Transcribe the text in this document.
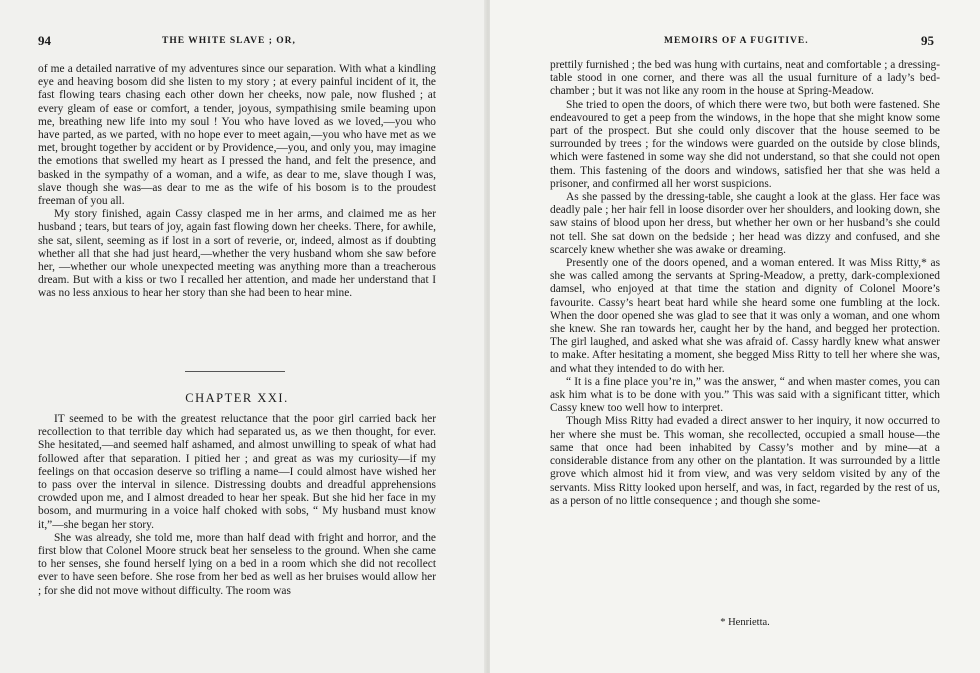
94	THE WHITE SLAVE ; OR,

of me a detailed narrative of my adventures since our separation. With what a kindling eye and heaving bosom did she listen to my story ; at every painful incident of it, the fast flowing tears chasing each other down her cheeks, now pale, now flushed ; at every gleam of ease or comfort, a tender, joyous, sympathising smile beaming upon me, breathing new life into my soul ! You who have loved as we loved,—you who have parted, as we parted, with no hope ever to meet again,—you who have met as we met, brought together by accident or by Providence,—you, and only you, may imagine the emotions that swelled my heart as I pressed the hand, and felt the presence, and basked in the sympathy of a woman, and a wife, as dear to me, slave though I was, slave though she was—as dear to me as the wife of his bosom is to the proudest freeman of you all.

My story finished, again Cassy clasped me in her arms, and claimed me as her husband ; tears, but tears of joy, again fast flowing down her cheeks. There, for awhile, she sat, silent, seeming as if lost in a sort of reverie, or, indeed, almost as if doubting whether all that she had just heard,—whether the very husband whom she saw before her, —whether our whole unexpected meeting was anything more than a treacherous dream. But with a kiss or two I recalled her attention, and made her understand that I was no less anxious to hear her story than she had been to hear mine.

CHAPTER XXI.

IT seemed to be with the greatest reluctance that the poor girl carried back her recollection to that terrible day which had separated us, as we then thought, for ever. She hesitated,—and seemed half ashamed, and almost unwilling to speak of what had followed after that separation. I pitied her ; and great as was my curiosity—if my feelings on that occasion deserve so trifling a name—I could almost have wished her to pass over the interval in silence. Distressing doubts and dreadful apprehensions crowded upon me, and I almost dreaded to hear her speak. But she hid her face in my bosom, and murmuring in a voice half choked with sobs, “ My husband must know it,”—she began her story.

She was already, she told me, more than half dead with fright and horror, and the first blow that Colonel Moore struck beat her senseless to the ground. When she came to her senses, she found herself lying on a bed in a room which she did not recollect ever to have seen before. She rose from her bed as well as her bruises would allow her ; for she did not move without difficulty. The room was

MEMOIRS OF A FUGITIVE.	95

prettily furnished ; the bed was hung with curtains, neat and comfortable ; a dressing-table stood in one corner, and there was all the usual furniture of a lady’s bed-chamber ; but it was not like any room in the house at Spring-Meadow.

She tried to open the doors, of which there were two, but both were fastened. She endeavoured to get a peep from the windows, in the hope that she might know some part of the prospect. But she could only discover that the house seemed to be surrounded by trees ; for the windows were guarded on the outside by close blinds, which were fastened in some way she did not understand, so that she could not open them. This fastening of the doors and windows, satisfied her that she was held a prisoner, and confirmed all her worst suspicions.

As she passed by the dressing-table, she caught a look at the glass. Her face was deadly pale ; her hair fell in loose disorder over her shoulders, and looking down, she saw stains of blood upon her dress, but whether her own or her husband’s she could not tell. She sat down on the bedside ; her head was dizzy and confused, and she scarcely knew whether she was awake or dreaming.

Presently one of the doors opened, and a woman entered. It was Miss Ritty,* as she was called among the servants at Spring-Meadow, a pretty, dark-complexioned damsel, who enjoyed at that time the station and dignity of Colonel Moore’s favourite. Cassy’s heart beat hard while she heard some one fumbling at the lock. When the door opened she was glad to see that it was only a woman, and one whom she knew. She ran towards her, caught her by the hand, and begged her protection. The girl laughed, and asked what she was afraid of. Cassy hardly knew what answer to make. After hesitating a moment, she begged Miss Ritty to tell her where she was, and what they intended to do with her.

“ It is a fine place you’re in,” was the answer, “ and when master comes, you can ask him what is to be done with you.” This was said with a significant titter, which Cassy knew too well how to interpret.

Though Miss Ritty had evaded a direct answer to her inquiry, it now occurred to her where she must be. This woman, she recollected, occupied a small house—the same that once had been inhabited by Cassy’s mother and by mine—at a considerable distance from any other on the plantation. It was surrounded by a little grove which almost hid it from view, and was very seldom visited by any of the servants. Miss Ritty looked upon herself, and was, in fact, regarded by the rest of us, as a person of no little consequence ; and though she some-

* Henrietta.
